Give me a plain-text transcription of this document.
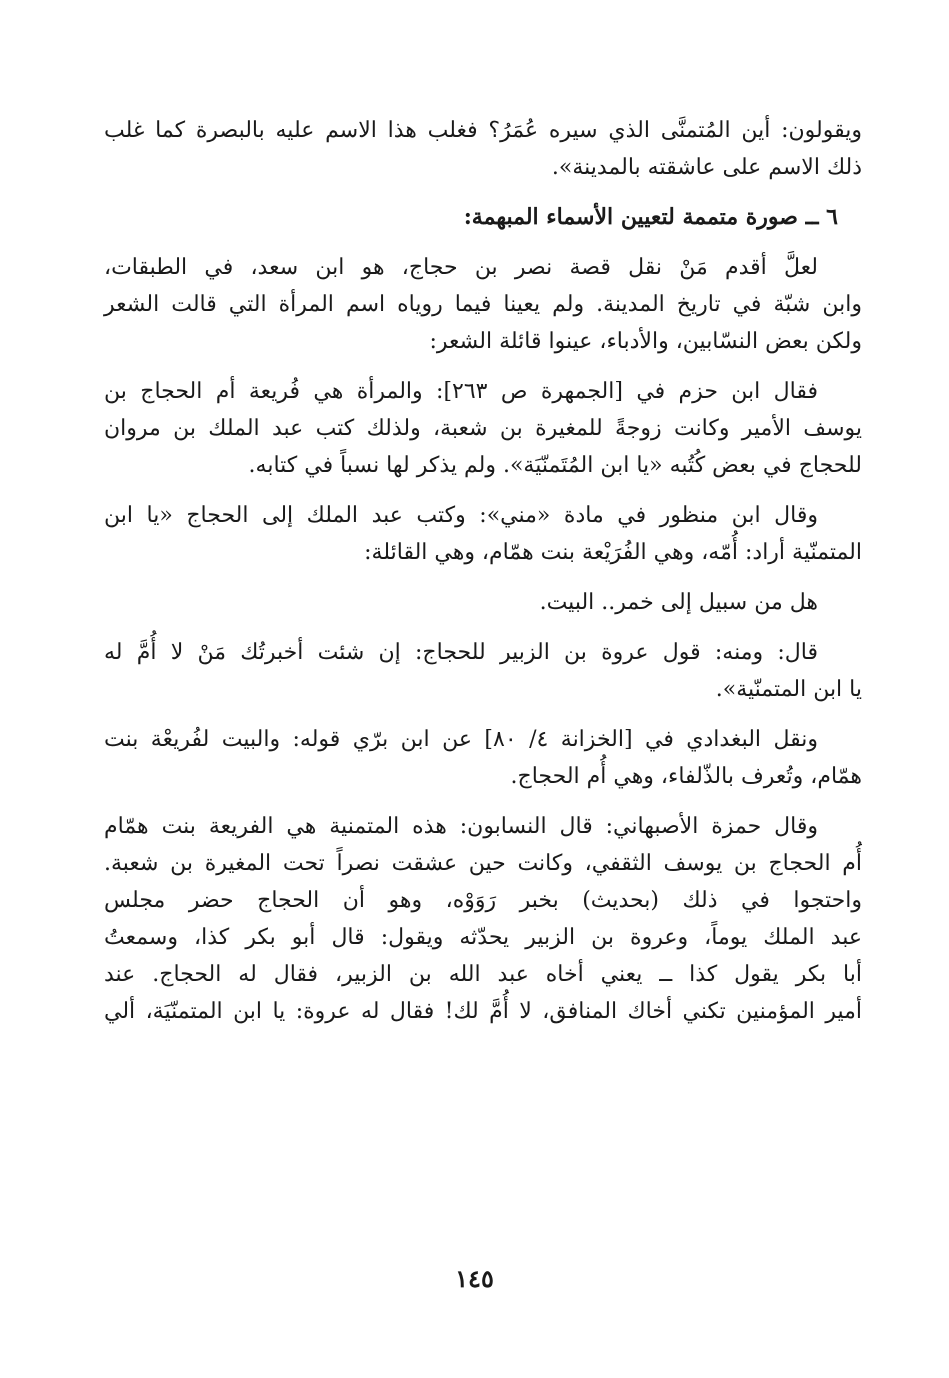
ويقولون: أين المُتمنَّى الذي سيره عُمَرُ؟ فغلب هذا الاسم عليه بالبصرة كما غلب
ذلك الاسم على عاشقته بالمدينة».
٦ ــ صورة متممة لتعيين الأسماء المبهمة:
لعلَّ أقدم مَنْ نقل قصة نصر بن حجاج، هو ابن سعد، في الطبقات،
وابن شبّة في تاريخ المدينة. ولم يعينا فيما روياه اسم المرأة التي قالت الشعر
ولكن بعض النسّابين، والأدباء، عينوا قائلة الشعر:
فقال ابن حزم في [الجمهرة ص ٢٦٣]: والمرأة هي فُريعة أم الحجاج بن
يوسف الأمير وكانت زوجةً للمغيرة بن شعبة، ولذلك كتب عبد الملك بن مروان
للحجاج في بعض كُتُبه «يا ابن المُتَمنّيَة». ولم يذكر لها نسباً في كتابه.
وقال ابن منظور في مادة «مني»: وكتب عبد الملك إلى الحجاج «يا ابن
المتمنّية أراد: أُمّه، وهي الفُرَيْعة بنت همّام، وهي القائلة:
هل من سبيل إلى خمر.. البيت.
قال: ومنه: قول عروة بن الزبير للحجاج: إن شئت أخبرتُك مَنْ لا أُمَّ له
يا ابن المتمنّية».
ونقل البغدادي في [الخزانة ٤/ ٨٠] عن ابن برّي قوله: والبيت لفُريعْة بنت
همّام، وتُعرف بالذّلفاء، وهي أُم الحجاج.
وقال حمزة الأصبهاني: قال النسابون: هذه المتمنية هي الفريعة بنت همّام
أُم الحجاج بن يوسف الثقفي، وكانت حين عشقت نصراً تحت المغيرة بن شعبة.
واحتجوا في ذلك (بحديث) بخبر رَوَوْه، وهو أن الحجاج حضر مجلس
عبد الملك يوماً، وعروة بن الزبير يحدّثه ويقول: قال أبو بكر كذا، وسمعتُ
أبا بكر يقول كذا ــ يعني أخاه عبد الله بن الزبير، فقال له الحجاج. عند
أمير المؤمنين تكني أخاك المنافق، لا أُمَّ لك! فقال له عروة: يا ابن المتمنّيَة، ألي
١٤٥
